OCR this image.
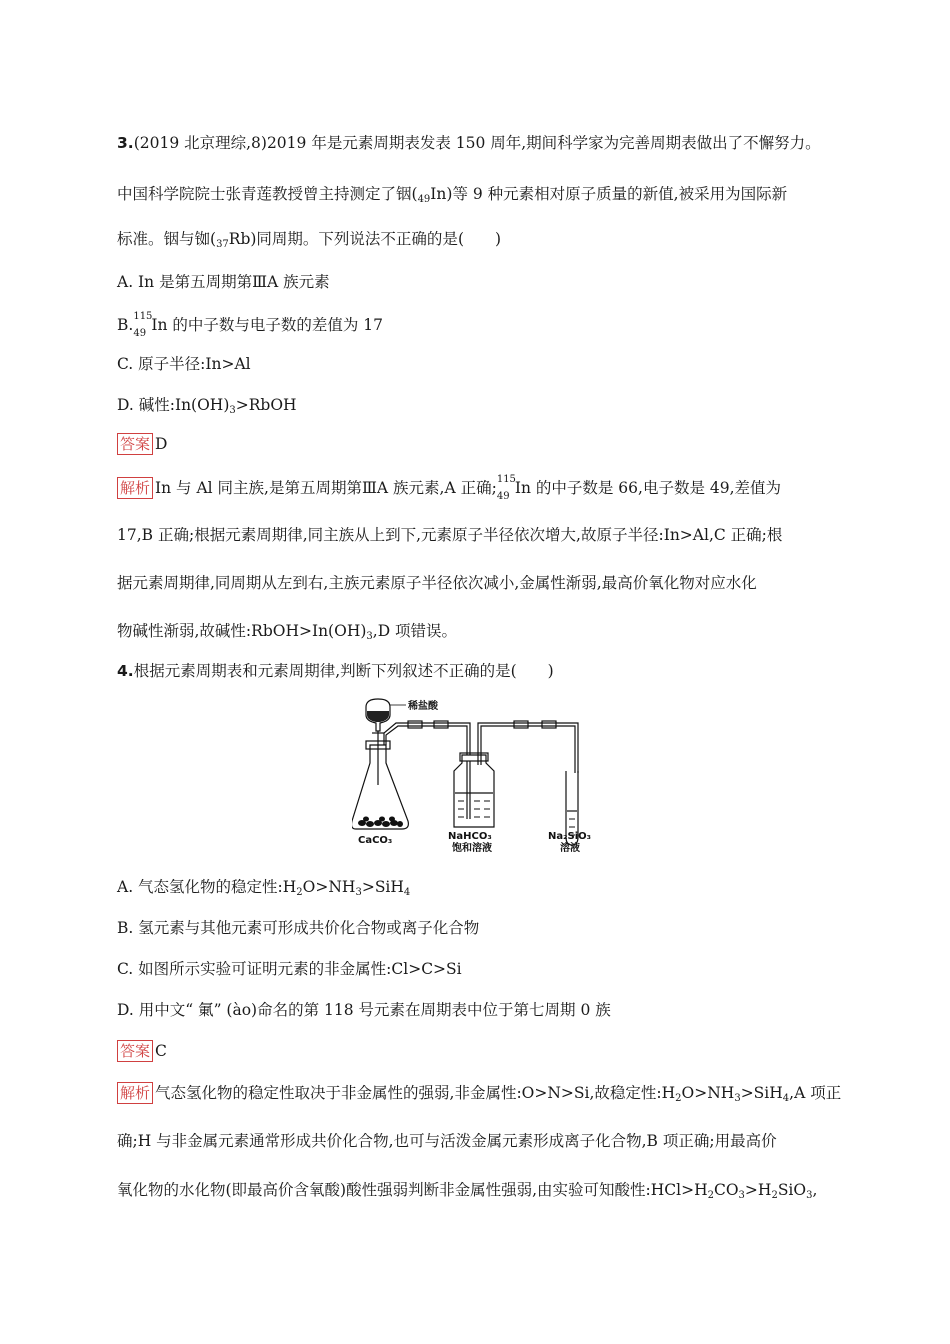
3.(2019 北京理综,8)2019 年是元素周期表发表 150 周年,期间科学家为完善周期表做出了不懈努力。
中国科学院院士张青莲教授曾主持测定了铟$(_{49}In)$等 9 种元素相对原子质量的新值,被采用为国际新
标准。铟与铷$(_{37}Rb)$同周期。下列说法不正确的是(　　)
A. In 是第五周期第ⅢA 族元素
B. 115
49 In 的中子数与电子数的差值为 17
C. 原子半径:In>Al
D. 碱性$:In(OH)_3>RbOH$
答案 D
解析 In 与 Al 同主族,是第五周期第ⅢA 族元素,A 正确; 115
49 In 的中子数是 66,电子数是 49,差值为
17,B 正确;根据元素周期律,同主族从上到下,元素原子半径依次增大,故原子半径:In>Al,C 正确;根
据元素周期律,同周期从左到右,主族元素原子半径依次减小,金属性渐弱,最高价氧化物对应水化
物碱性渐弱,故碱性$:RbOH>In(OH)_3,D$ 项错误。
4.根据元素周期表和元素周期律,判断下列叙述不正确的是(　　)
稀盐酸
CaCO₃	NaHCO₃
饱和溶液
Na₂SiO₃
溶液
A. 气态氢化物的稳定性$:H_2O>NH_3>SiH_4$
B. 氢元素与其他元素可形成共价化合物或离子化合物
C. 如图所示实验可证明元素的非金属性:Cl>C>Si
D. 用中文“ 氭” (ào)命名的第 118 号元素在周期表中位于第七周期 0 族
答案 C
解析 气态氢化物的稳定性取决于非金属性的强弱,非金属性:O>N>Si,故稳定性$:H_2O>NH_3>SiH_4,A$ 项正
确;H 与非金属元素通常形成共价化合物,也可与活泼金属元素形成离子化合物,B 项正确;用最高价
氧化物的水化物(即最高价含氧酸)酸性强弱判断非金属性强弱,由实验可知酸性$:HCl>H_2CO_3>H_2SiO_3$,
